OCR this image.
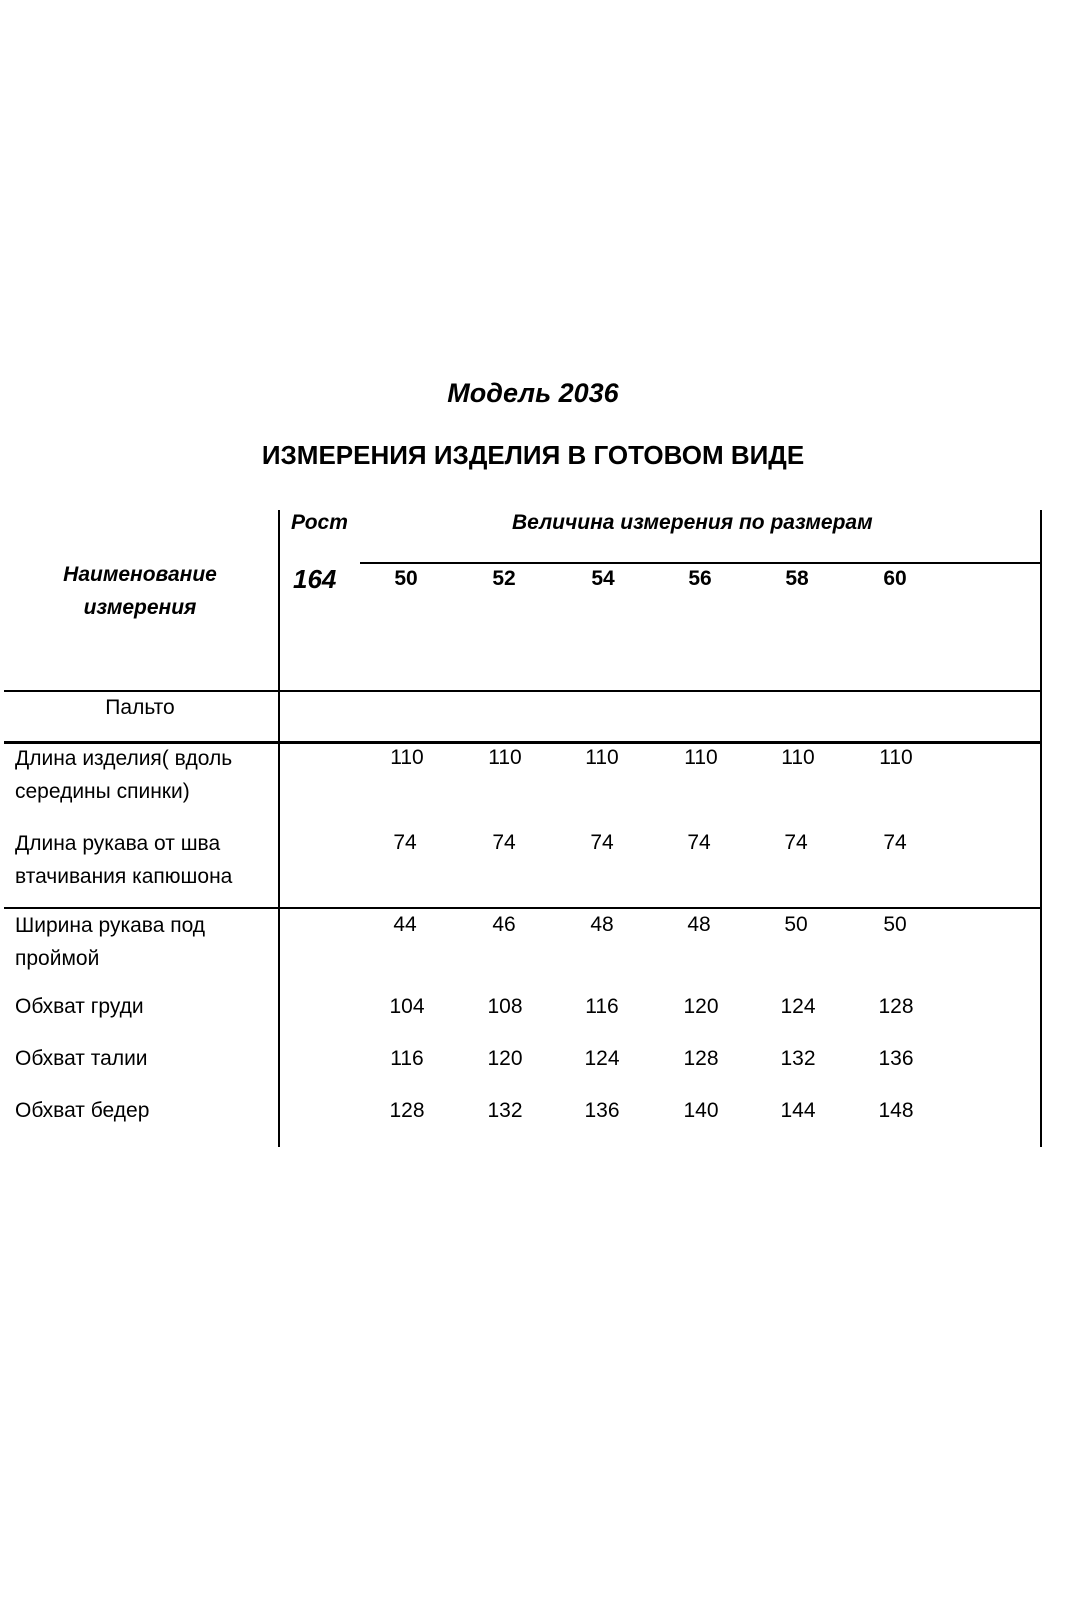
Модель 2036
ИЗМЕРЕНИЯ ИЗДЕЛИЯ В ГОТОВОМ ВИДЕ
Наименование
измерения
Рост
164
Величина измерения по размерам
50	52	54	56	58	60
Пальто
Длина изделия( вдоль
середины спинки)
110	110	110	110	110	110
Длина рукава от шва
втачивания капюшона
74	74	74	74	74	74
Ширина рукава под
проймой
44	46	48	48	50	50
Обхват груди	104	108	116	120	124	128
Обхват талии	116	120	124	128	132	136
Обхват бедер	128	132	136	140	144	148
